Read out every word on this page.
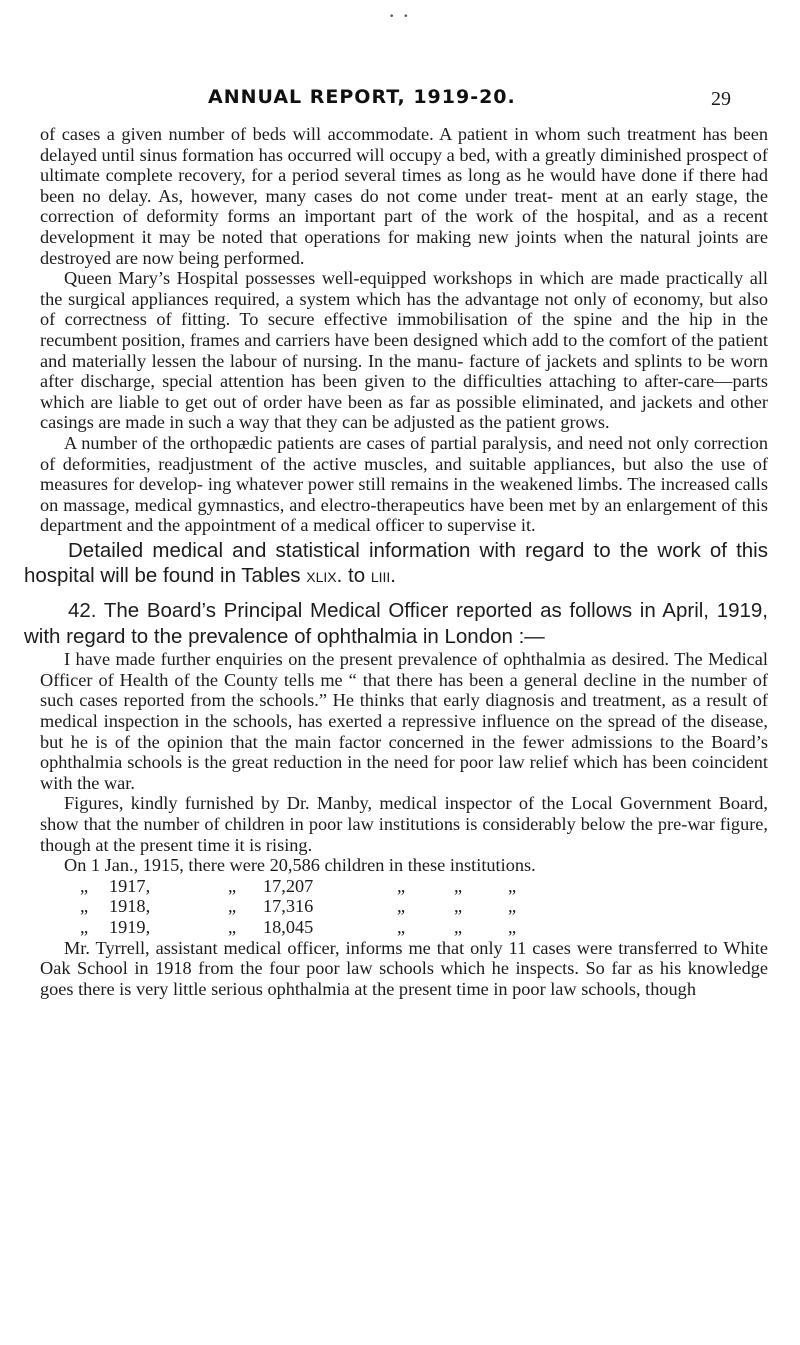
• •
ANNUAL REPORT, 1919-20.	29

of cases a given number of beds will accommodate. A patient in whom such treatment has been delayed until sinus formation has occurred will occupy a bed, with a greatly diminished prospect of ultimate complete recovery, for a period several times as long as he would have done if there had been no delay. As, however, many cases do not come under treat- ment at an early stage, the correction of deformity forms an important part of the work of the hospital, and as a recent development it may be noted that operations for making new joints when the natural joints are destroyed are now being performed.

Queen Mary’s Hospital possesses well-equipped workshops in which are made practically all the surgical appliances required, a system which has the advantage not only of economy, but also of correctness of fitting. To secure effective immobilisation of the spine and the hip in the recumbent position, frames and carriers have been designed which add to the comfort of the patient and materially lessen the labour of nursing. In the manu- facture of jackets and splints to be worn after discharge, special attention has been given to the difficulties attaching to after-care—parts which are liable to get out of order have been as far as possible eliminated, and jackets and other casings are made in such a way that they can be adjusted as the patient grows.

A number of the orthopædic patients are cases of partial paralysis, and need not only correction of deformities, readjustment of the active muscles, and suitable appliances, but also the use of measures for develop- ing whatever power still remains in the weakened limbs. The increased calls on massage, medical gymnastics, and electro-therapeutics have been met by an enlargement of this department and the appointment of a medical officer to supervise it.

Detailed medical and statistical information with regard to the work of this hospital will be found in Tables xlix. to liii.

42. The Board’s Principal Medical Officer reported as follows in April, 1919, with regard to the prevalence of ophthalmia in London :—

I have made further enquiries on the present prevalence of ophthalmia as desired. The Medical Officer of Health of the County tells me “ that there has been a general decline in the number of such cases reported from the schools.” He thinks that early diagnosis and treatment, as a result of medical inspection in the schools, has exerted a repressive influence on the spread of the disease, but he is of the opinion that the main factor concerned in the fewer admissions to the Board’s ophthalmia schools is the great reduction in the need for poor law relief which has been coincident with the war.

Figures, kindly furnished by Dr. Manby, medical inspector of the Local Government Board, show that the number of children in poor law institutions is considerably below the pre-war figure, though at the present time it is rising.

On 1 Jan., 1915, there were 20,586 children in these institutions.

„ 1917,	„ 17,207	„	„	„
„ 1918,	„ 17,316	„	„	„
„ 1919,	„ 18,045	„	„	„

Mr. Tyrrell, assistant medical officer, informs me that only 11 cases were transferred to White Oak School in 1918 from the four poor law schools which he inspects. So far as his knowledge goes there is very little serious ophthalmia at the present time in poor law schools, though
